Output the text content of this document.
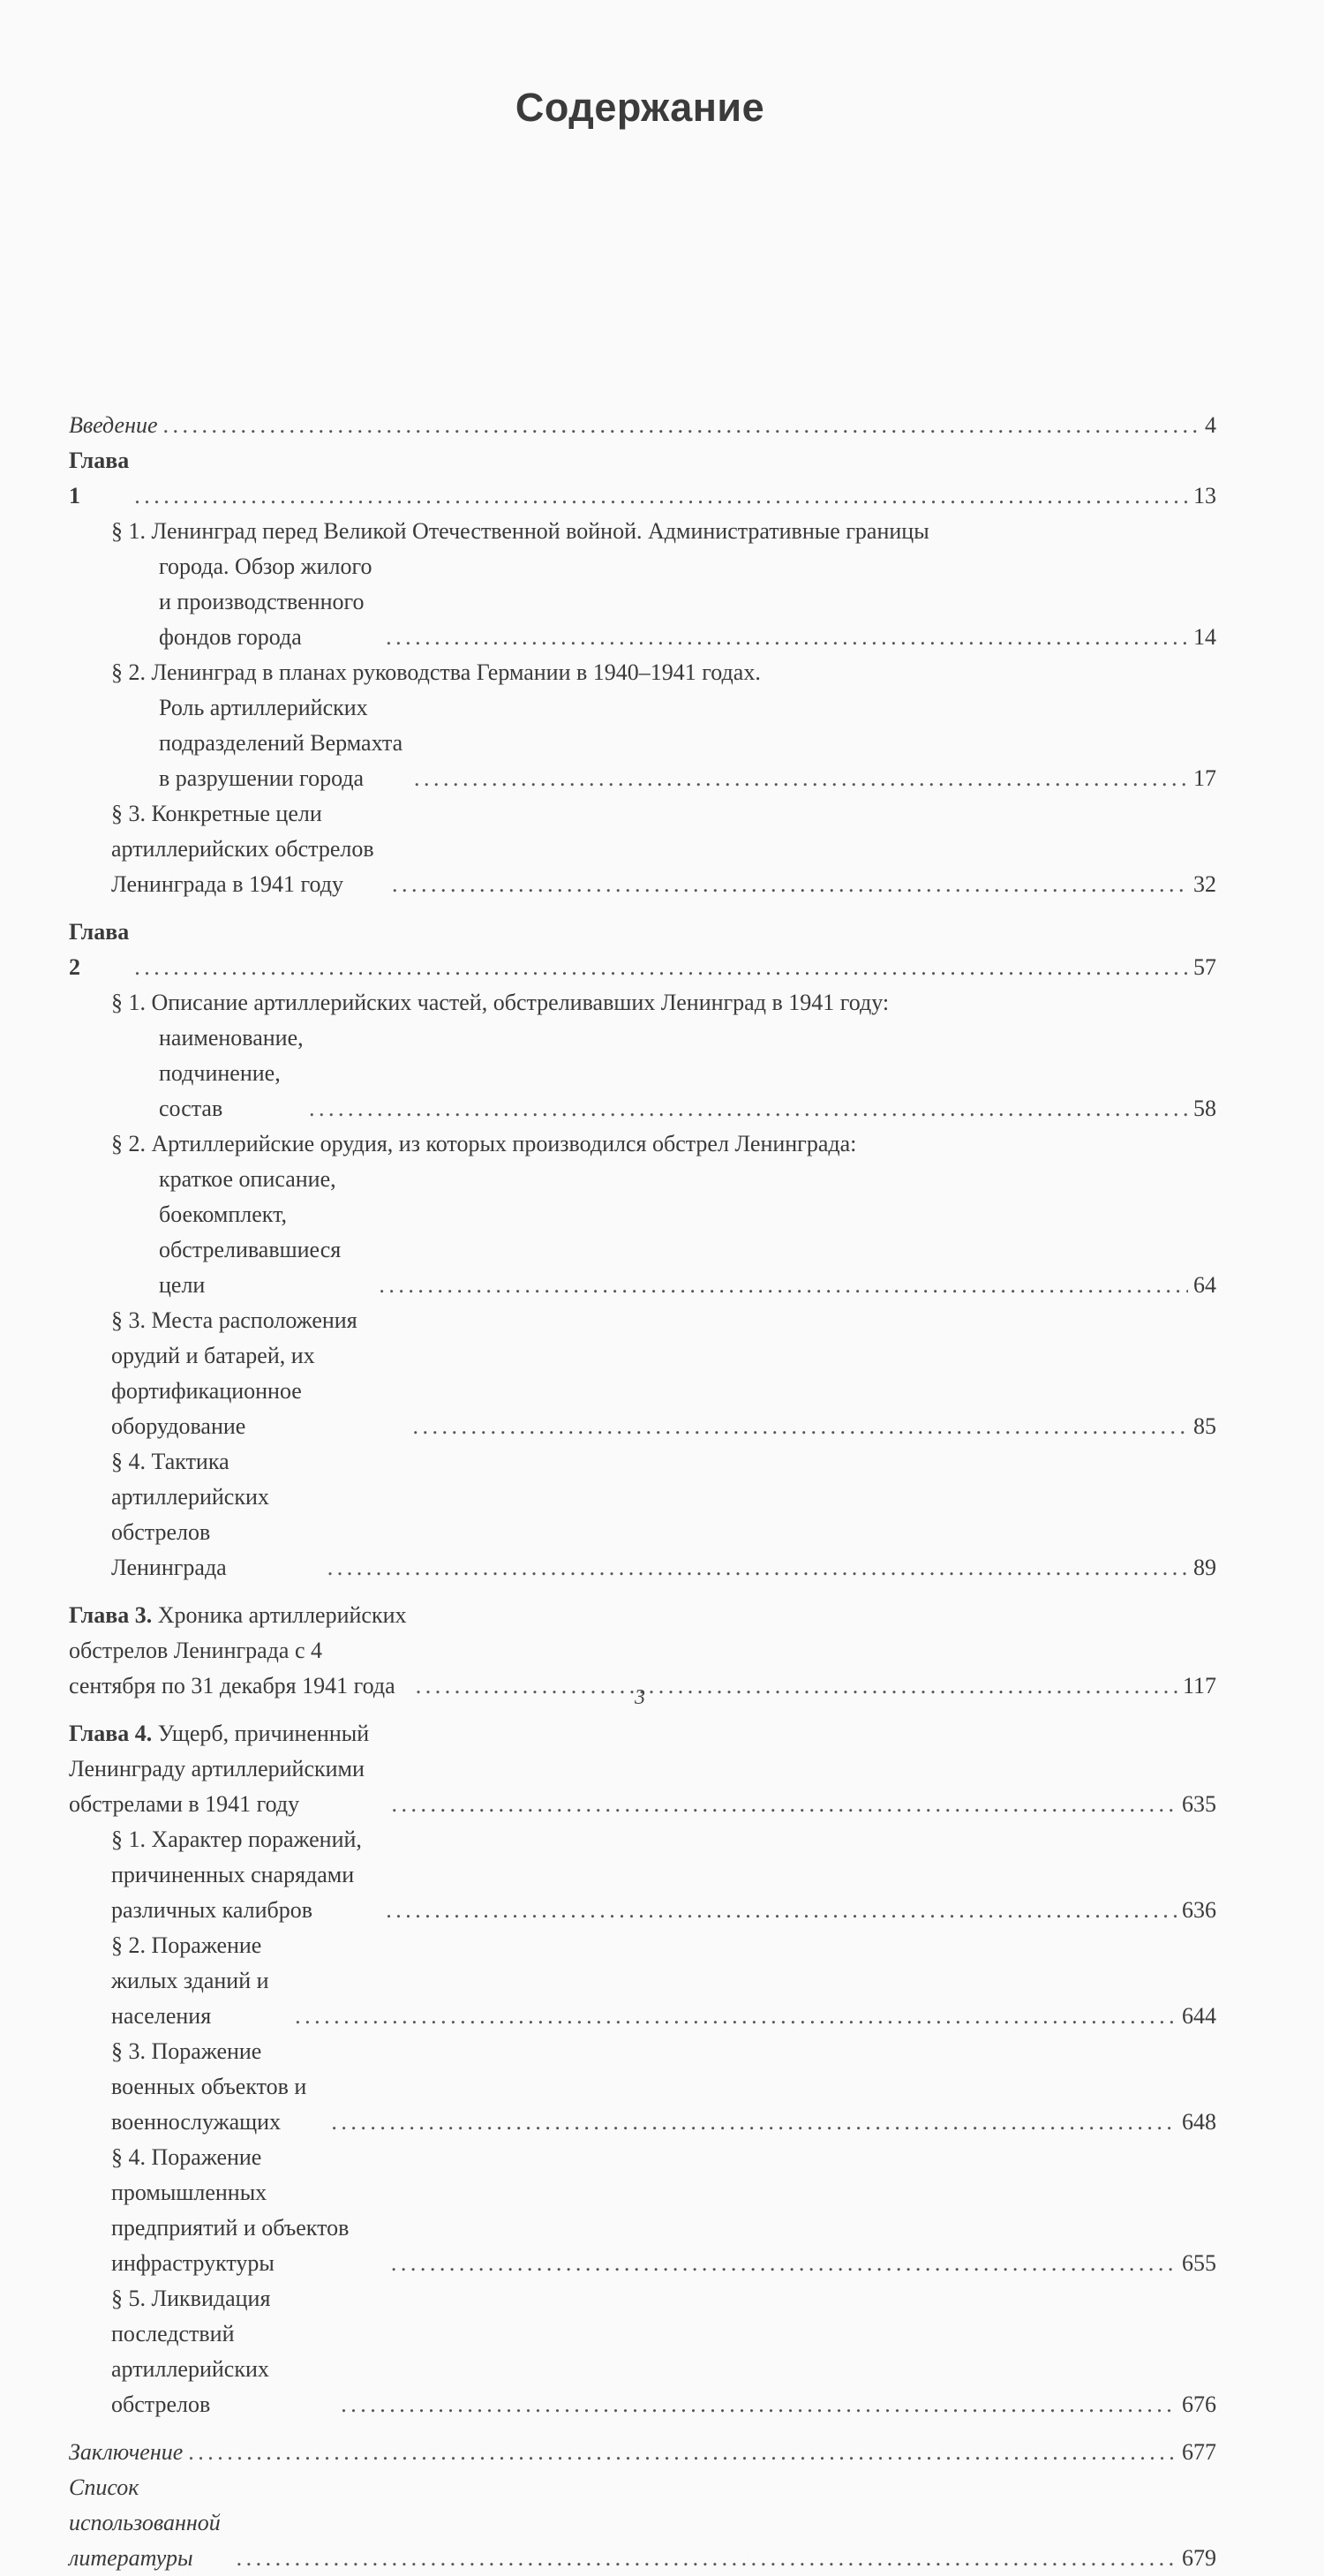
Содержание
Введение . . .	4
Глава 1 . . .	13
§ 1. Ленинград перед Великой Отечественной войной. Административные границы
города. Обзор жилого и производственного фондов города . . .	14
§ 2. Ленинград в планах руководства Германии в 1940–1941 годах.
Роль артиллерийских подразделений Вермахта в разрушении города . . .	17
§ 3. Конкретные цели артиллерийских обстрелов Ленинграда в 1941 году . . .	32
Глава 2 . . .	57
§ 1. Описание артиллерийских частей, обстреливавших Ленинград в 1941 году:
наименование, подчинение, состав . . .	58
§ 2. Артиллерийские орудия, из которых производился обстрел Ленинграда:
краткое описание, боекомплект, обстреливавшиеся цели . . .	64
§ 3. Места расположения орудий и батарей, их фортификационное оборудование . . .	85
§ 4. Тактика артиллерийских обстрелов Ленинграда . . .	89
Глава 3. Хроника артиллерийских обстрелов Ленинграда с 4 сентября по 31 декабря 1941 года . . .	117
Глава 4. Ущерб, причиненный Ленинграду артиллерийскими обстрелами в 1941 году . . .	635
§ 1. Характер поражений, причиненных снарядами различных калибров . . .	636
§ 2. Поражение жилых зданий и населения . . .	644
§ 3. Поражение военных объектов и военнослужащих . . .	648
§ 4. Поражение промышленных предприятий и объектов инфраструктуры . . .	655
§ 5. Ликвидация последствий артиллерийских обстрелов . . .	676
Заключение . . .	677
Список использованной литературы . . .	679
3
